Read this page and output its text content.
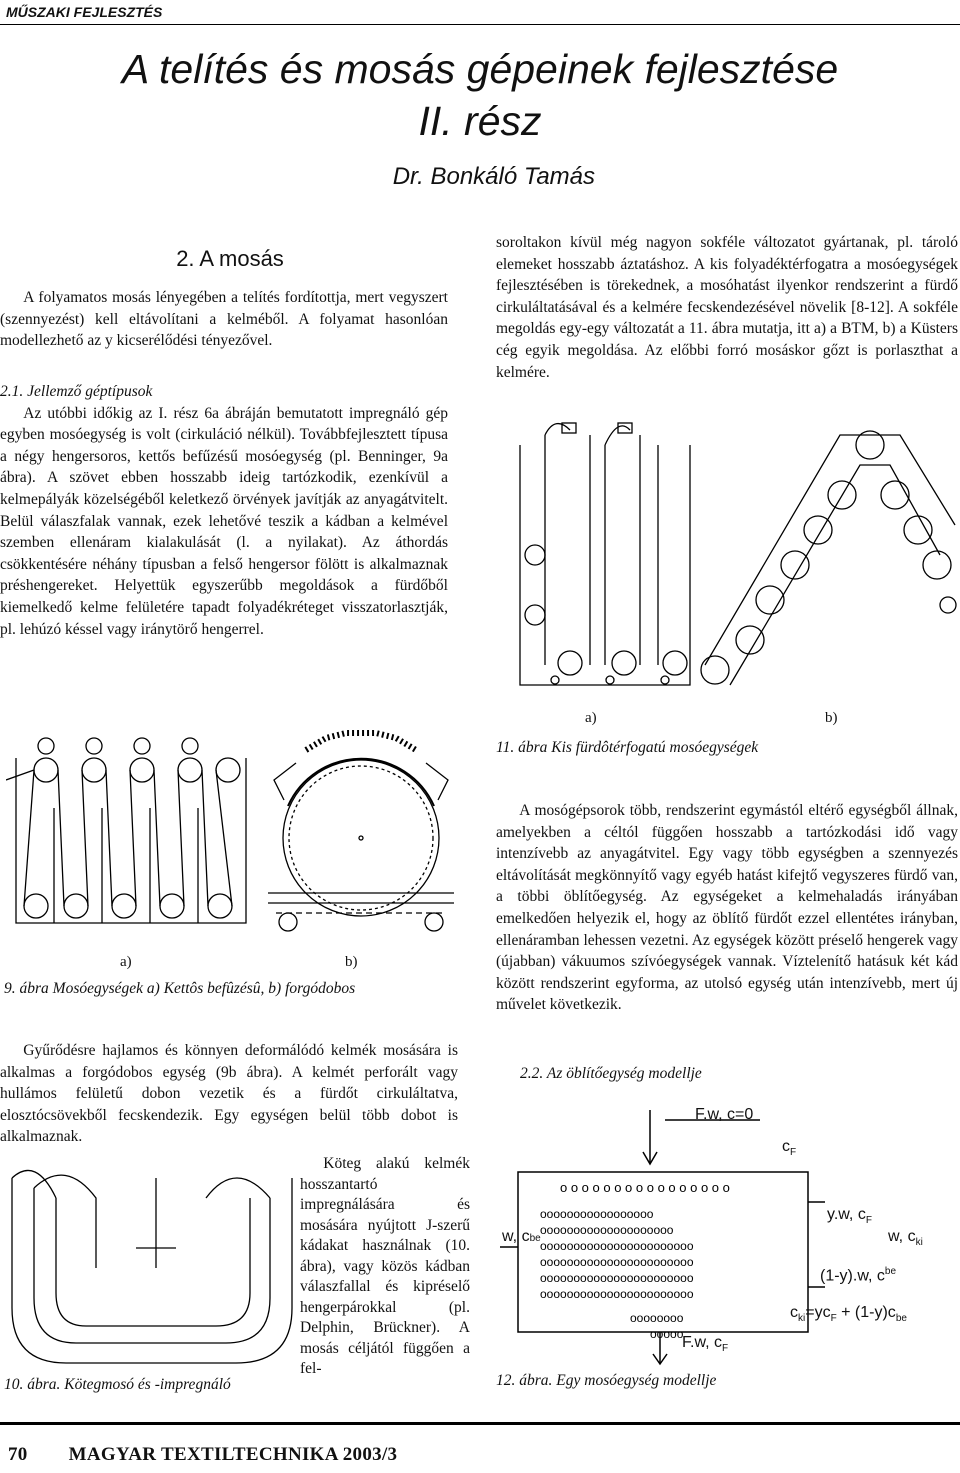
MŰSZAKI FEJLESZTÉS
A telítés és mosás gépeinek fejlesztése
II. rész
Dr. Bonkáló Tamás
2. A mosás

A folyamatos mosás lényegében a telítés fordítottja, mert vegyszert (szennyezést) kell eltávolítani a kelméből. A folyamat hasonlóan modellezhető az y kicserélődési tényezővel.

2.1. Jellemző géptípusok

Az utóbbi időkig az I. rész 6a ábráján bemutatott impregnáló gép egyben mosóegység is volt (cirkuláció nélkül). Továbbfejlesztett típusa a négy hengersoros, kettős befűzésű mosóegység (pl. Benninger, 9a ábra). A szövet ebben hosszabb ideig tartózkodik, ezenkívül a kelmepályák közelségéből keletkező örvények javítják az anyagátvitelt. Belül válaszfalak vannak, ezek lehetővé teszik a kádban a kelmével szemben ellenáram kialakulását (l. a nyilakat). Az áthordás csökkentésére néhány típusban a felső hengersor fölött is alkalmaznak préshengereket. Helyettük egyszerűbb megoldások a fürdőből kiemelkedő kelme felületére tapadt folyadékréteget visszatorlasztják, pl. lehúzó késsel vagy iránytörő hengerrel.

a)	b)
9. ábra Mosóegységek a) Kettôs befûzésû, b) forgódobos

Gyűrődésre hajlamos és könnyen deformálódó kelmék mosására is alkalmas a forgódobos egység (9b ábra). A kelmét perforált vagy hullámos felületű dobon vezetik és a fürdőt cirkuláltatva, elosztócsövekből fecskendezik. Egy egységen belül több dobot is alkalmaznak.

10. ábra. Kötegmosó és -impregnáló

Köteg alakú kelmék hosszantartó impregnálására és mosására nyújtott J-szerű kádakat használnak (10. ábra), vagy közös kádban válaszfallal és kipréselő hengerpárokkal (pl. Delphin, Brückner). A mosás céljától függően a fel-

soroltakon kívül még nagyon sokféle változatot gyártanak, pl. tároló elemeket hosszabb áztatáshoz. A kis folyadéktérfogatra a mosóegységek fejlesztésében is törekednek, a mosóhatást ilyenkor rendszerint a fürdő cirkuláltatásával és a kelmére fecskendezésével növelik [8-12]. A sokféle megoldás egy-egy változatát a 11. ábra mutatja, itt a) a BTM, b) a Küsters cég egyik megoldása. Az előbbi forró mosáskor gőzt is porlaszthat a kelmére.

a)	b)
11. ábra Kis fürdôtérfogatú mosóegységek

A mosógépsorok több, rendszerint egymástól eltérő egységből állnak, amelyekben a céltól függően hosszabb a tartózkodási idő vagy intenzívebb az anyagátvitel. Egy vagy több egységben a szennyezés eltávolítását megkönnyítő vagy egyéb hatást kifejtő vegyszeres fürdő van, a többi öblítőegység. Az egységeket a kelmehaladás irányában emelkedően helyezik el, hogy az öblítő fürdőt ezzel ellentétes irányban, ellenáramban lehessen vezetni. Az egységek között préselő hengerek vagy (újabban) vákuumos szívóegységek vannak. Víztelenítő hatásuk két kád között rendszerint egyforma, az utolsó egység után intenzívebb, mert új művelet következik.

2.2. Az öblítőegység modellje
o o o o o o o o o o o o o o o o
ooooooooooooooooo
oooooooooooooooooooo
ooooooooooooooooooooooo
ooooooooooooooooooooooo
ooooooooooooooooooooooo
ooooooooooooooooooooooo
oooooooo
ooooo
F.w, c=0
$c_F$
w, cbe
y.w, $c_F$
w, $c_{ki}$
(1-y).w, $c^{be}$
$c_{ki}=yc_F + (1-y)c_{be}$
F.w, $c_F$
12. ábra. Egy mosóegység modellje
70 MAGYAR TEXTILTECHNIKA 2003/3
